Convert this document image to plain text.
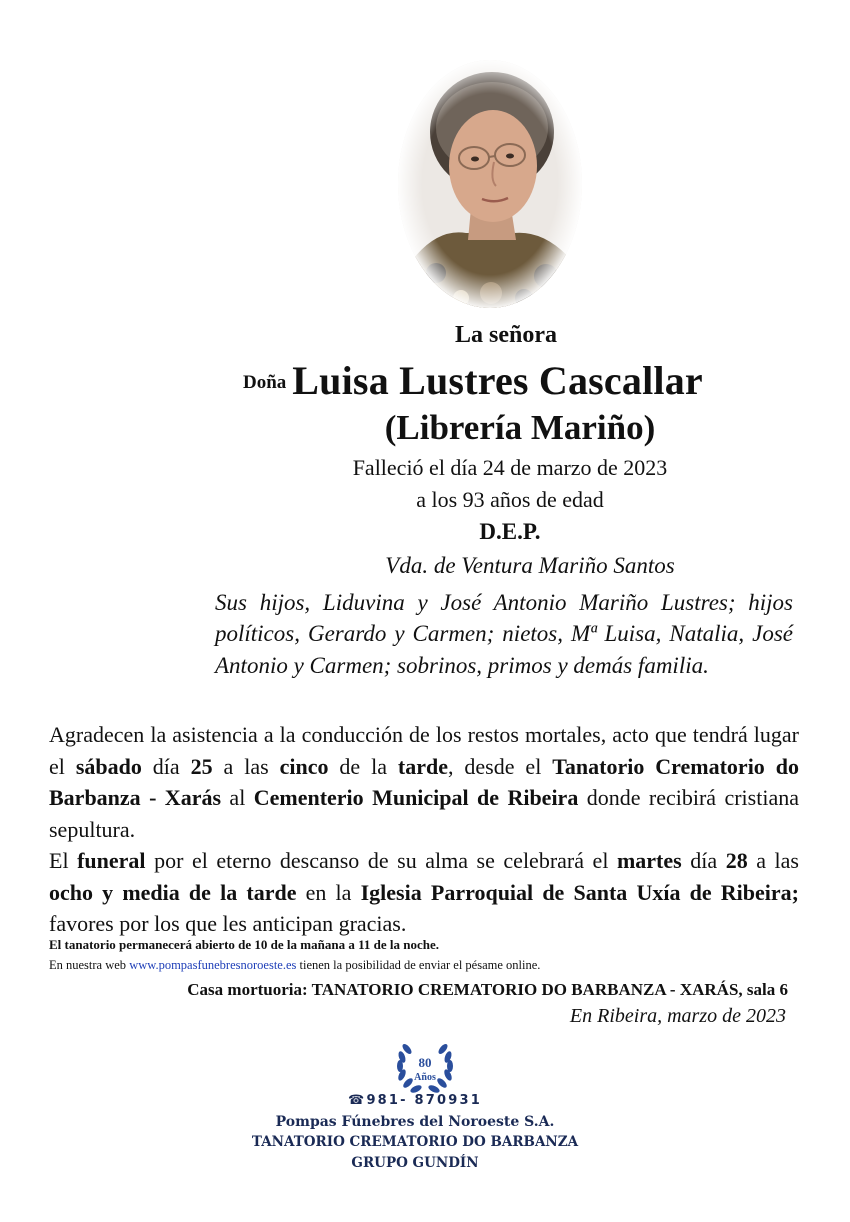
La señora
Doña Luisa Lustres Cascallar
(Librería Mariño)
Falleció el día 24 de marzo de 2023
a los 93 años de edad
D.E.P.
Vda. de Ventura Mariño Santos
Sus hijos, Liduvina y José Antonio Mariño Lustres; hijos políticos, Gerardo y Carmen; nietos, Mª Luisa, Natalia, José Antonio y Carmen; sobrinos, primos y demás familia.
Agradecen la asistencia a la conducción de los restos mortales, acto que tendrá lugar el sábado día 25 a las cinco de la tarde, desde el Tanatorio Crematorio do Barbanza - Xarás al Cementerio Municipal de Ribeira donde recibirá cristiana sepultura.
El funeral por el eterno descanso de su alma se celebrará el martes día 28 a las ocho y media de la tarde en la Iglesia Parroquial de Santa Uxía de Ribeira; favores por los que les anticipan gracias.
El tanatorio permanecerá abierto de 10 de la mañana a 11 de la noche.
En nuestra web www.pompasfunebresnoroeste.es tienen la posibilidad de enviar el pésame online.
Casa mortuoria: TANATORIO CREMATORIO DO BARBANZA - XARÁS, sala 6
En Ribeira, marzo de 2023
80
Años
☎981- 870931
Pompas Fúnebres del Noroeste S.A.
TANATORIO CREMATORIO DO BARBANZA
GRUPO GUNDÍN
